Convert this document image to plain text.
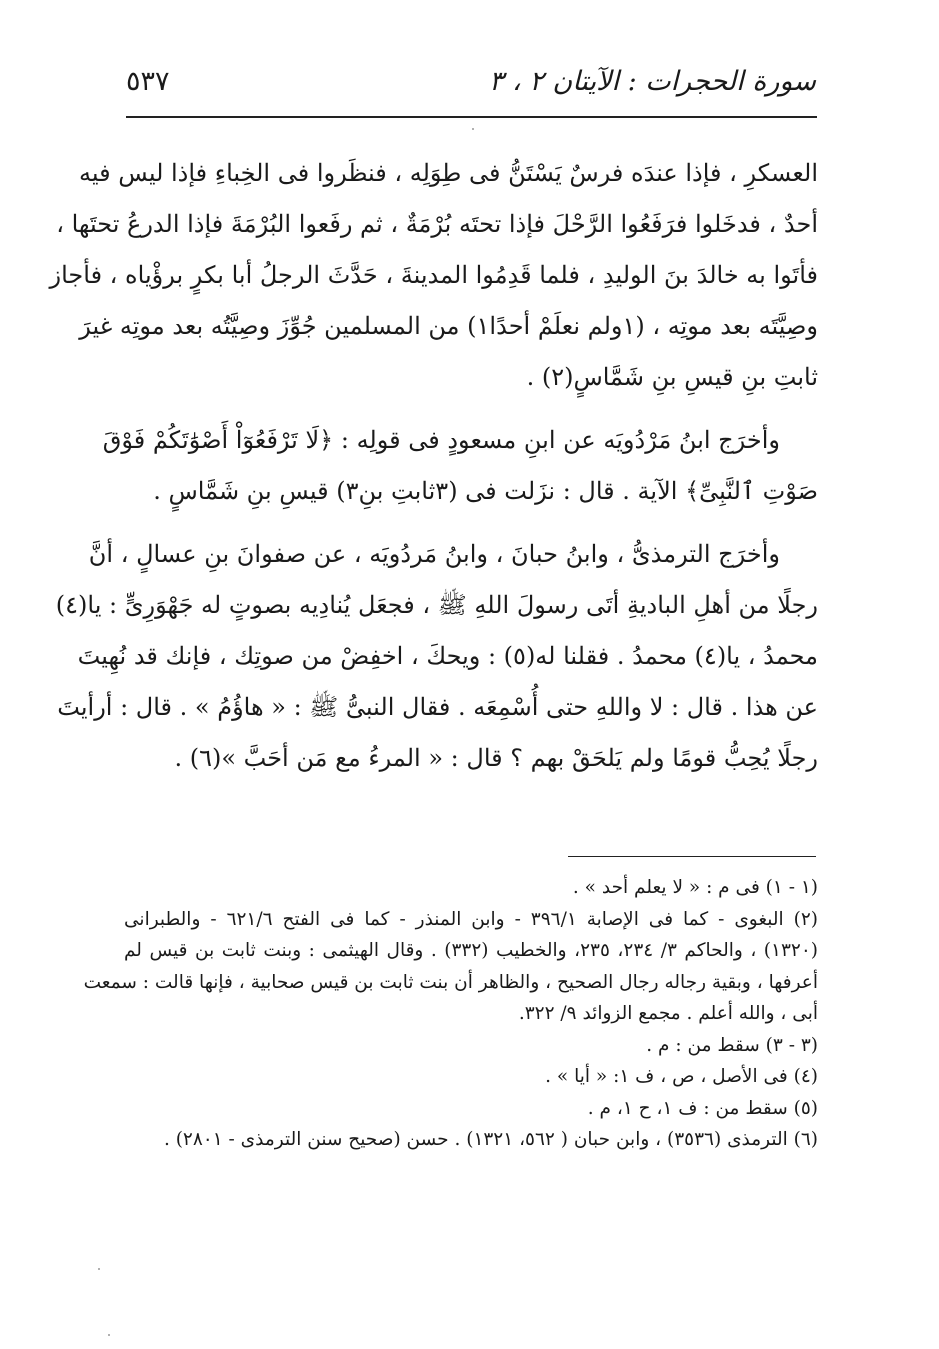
سورة الحجرات : الآيتان ٢ ، ٣
٥٣٧

العسكرِ ، فإذا عندَه فرسٌ يَسْتَنُّ فى طِوَلِه ، فنظَروا فى الخِباءِ فإذا ليس فيه
أحدٌ ، فدخَلوا فرَفَعُوا الرَّحْلَ فإذا تحتَه بُرْمَةٌ ، ثم رفَعوا البُرْمَةَ فإذا الدرعُ تحتَها ،
فأتَوا به خالدَ بنَ الوليدِ ، فلما قَدِمُوا المدينةَ ، حَدَّثَ الرجلُ أبا بكرٍ برؤْياه ، فأجاز
وصِيَّتَه بعد موتِه ، (١ولم نعلَمْ أحدًا١) من المسلمين جُوِّزَ وصِيَّتُه بعد موتِه غيرَ
ثابتِ بنِ قيسِ بنِ شَمَّاسٍ(٢) .

وأخرَج ابنُ مَرْدُويَه عن ابنِ مسعودٍ فى قولِه : ﴿لَا تَرْفَعُوٓاْ أَصْوَٰتَكُمْ فَوْقَ
صَوْتِ ٱلنَّبِىِّ﴾ الآية . قال : نزَلت فى (٣ثابتِ بنِ٣) قيسِ بنِ شَمَّاسٍ .

وأخرَج الترمذىُّ ، وابنُ حبانَ ، وابنُ مَردُويَه ، عن صفوانَ بنِ عسالٍ ، أنَّ
رجلًا من أهلِ الباديةِ أتَى رسولَ اللهِ ﷺ ، فجعَل يُنادِيه بصوتٍ له جَهْوَرِىٍّ : يا(٤)
محمدُ ، يا(٤) محمدُ . فقلنا له(٥) : ويحكَ ، اخفِضْ من صوتِك ، فإنك قد نُهِيتَ
عن هذا . قال : لا واللهِ حتى أُسْمِعَه . فقال النبىُّ ﷺ : « هاؤُمُ » . قال : أرأيتَ
رجلًا يُحِبُّ قومًا ولم يَلحَقْ بهم ؟ قال : « المرءُ مع مَن أحَبَّ »(٦) .

(١ - ١) فى م : « لا يعلم أحد » .
(٢) البغوى - كما فى الإصابة ٣٩٦/١ - وابن المنذر - كما فى الفتح ٦٢١/٦ - والطبرانى
(١٣٢٠) ، والحاكم ٣/ ٢٣٤، ٢٣٥، والخطيب (٣٣٢) . وقال الهيثمى : وبنت ثابت بن قيس لم
أعرفها ، وبقية رجاله رجال الصحيح ، والظاهر أن بنت ثابت بن قيس صحابية ، فإنها قالت : سمعت
أبى ، والله أعلم . مجمع الزوائد ٩/ ٣٢٢.
(٣ - ٣) سقط من : م .
(٤) فى الأصل ، ص ، ف ١: « أيا » .
(٥) سقط من : ف ١، ح ١، م .
(٦) الترمذى (٣٥٣٦) ، وابن حبان ( ٥٦٢، ١٣٢١) . حسن (صحيح سنن الترمذى - ٢٨٠١) .
